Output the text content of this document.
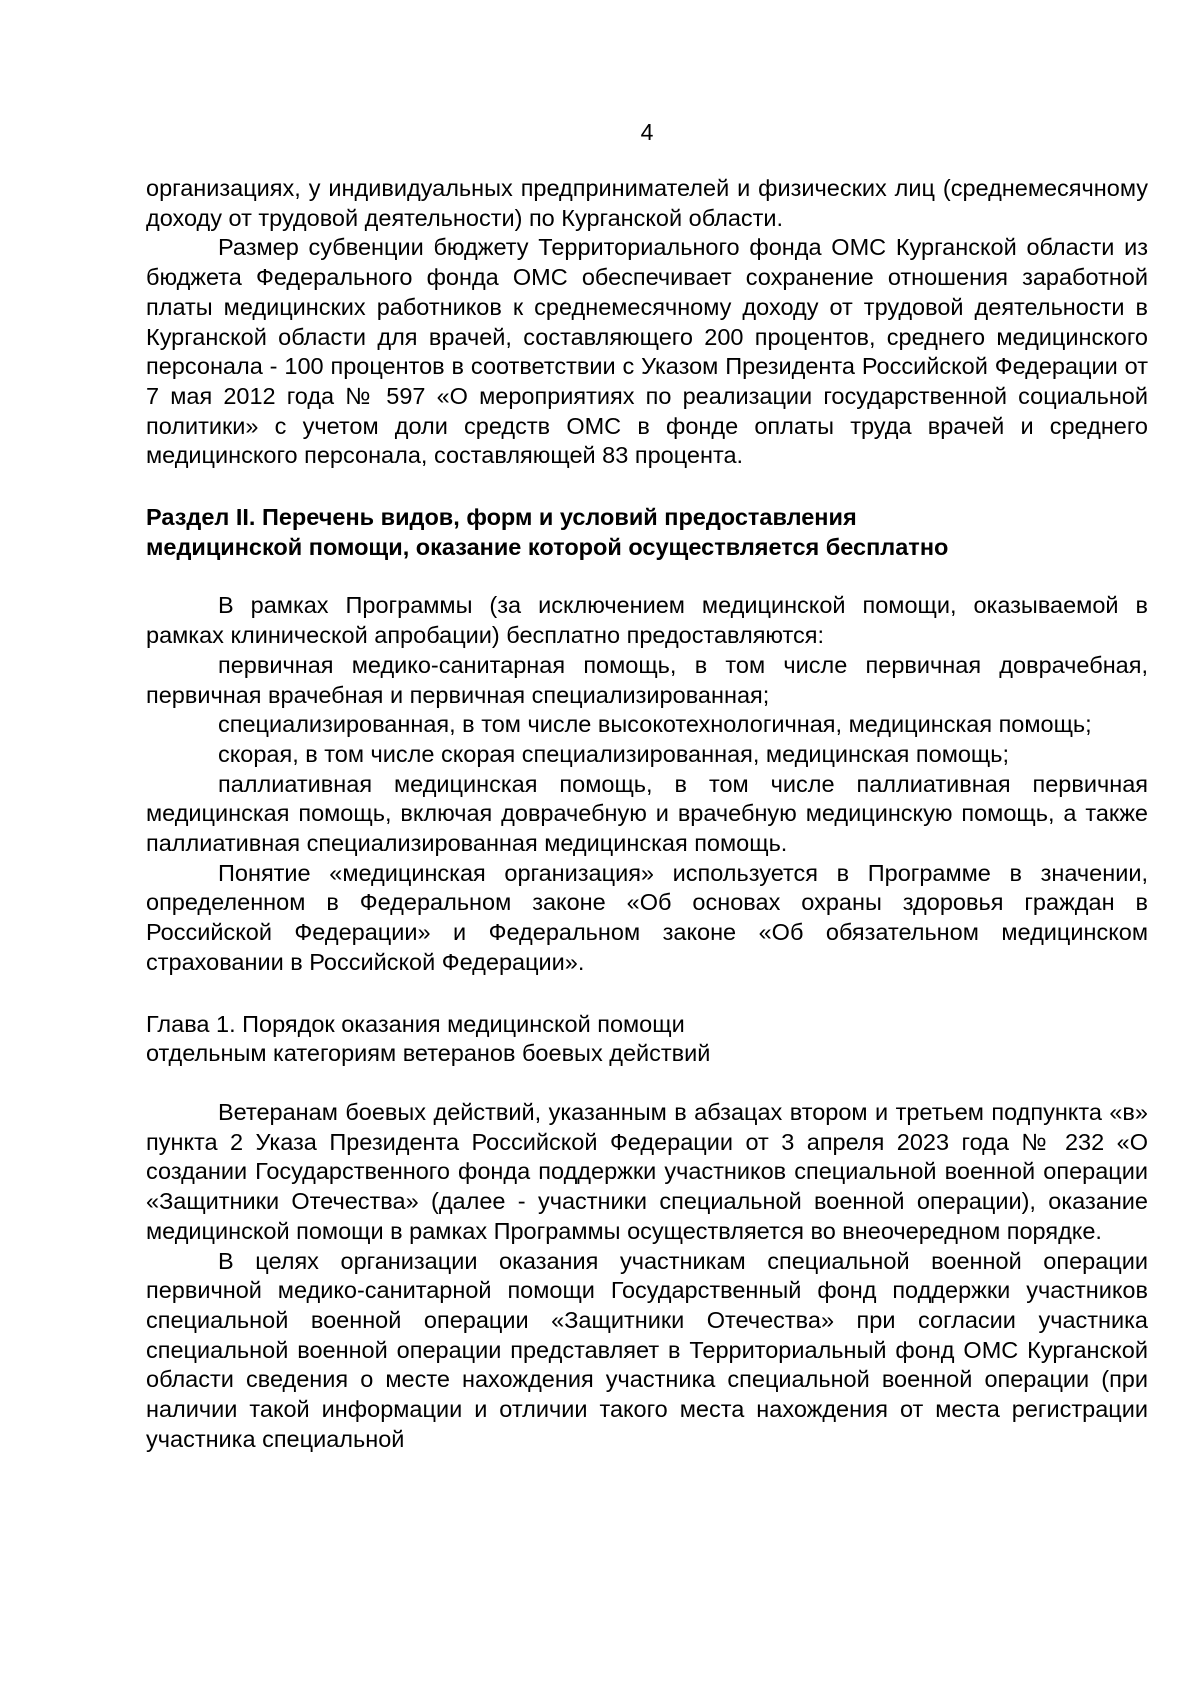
4

организациях, у индивидуальных предпринимателей и физических лиц (среднемесячному доходу от трудовой деятельности) по Курганской области.

Размер субвенции бюджету Территориального фонда ОМС Курганской области из бюджета Федерального фонда ОМС обеспечивает сохранение отношения заработной платы медицинских работников к среднемесячному доходу от трудовой деятельности в Курганской области для врачей, составляющего 200 процентов, среднего медицинского персонала - 100 процентов в соответствии с Указом Президента Российской Федерации от 7 мая 2012 года № 597 «О мероприятиях по реализации государственной социальной политики» с учетом доли средств ОМС в фонде оплаты труда врачей и среднего медицинского персонала, составляющей 83 процента.

Раздел II. Перечень видов, форм и условий предоставления

медицинской помощи, оказание которой осуществляется бесплатно

В рамках Программы (за исключением медицинской помощи, оказываемой в рамках клинической апробации) бесплатно предоставляются:

первичная медико-санитарная помощь, в том числе первичная доврачебная, первичная врачебная и первичная специализированная;

специализированная, в том числе высокотехнологичная, медицинская помощь;

скорая, в том числе скорая специализированная, медицинская помощь;

паллиативная медицинская помощь, в том числе паллиативная первичная медицинская помощь, включая доврачебную и врачебную медицинскую помощь, а также паллиативная специализированная медицинская помощь.

Понятие «медицинская организация» используется в Программе в значении, определенном в Федеральном законе «Об основах охраны здоровья граждан в Российской Федерации» и Федеральном законе «Об обязательном медицинском страховании в Российской Федерации».

Глава 1. Порядок оказания медицинской помощи

отдельным категориям ветеранов боевых действий

Ветеранам боевых действий, указанным в абзацах втором и третьем подпункта «в» пункта 2 Указа Президента Российской Федерации от 3 апреля 2023 года № 232 «О создании Государственного фонда поддержки участников специальной военной операции «Защитники Отечества» (далее - участники специальной военной операции), оказание медицинской помощи в рамках Программы осуществляется во внеочередном порядке.

В целях организации оказания участникам специальной военной операции первичной медико-санитарной помощи Государственный фонд поддержки участников специальной военной операции «Защитники Отечества» при согласии участника специальной военной операции представляет в Территориальный фонд ОМС Курганской области сведения о месте нахождения участника специальной военной операции (при наличии такой информации и отличии такого места нахождения от места регистрации участника специальной
